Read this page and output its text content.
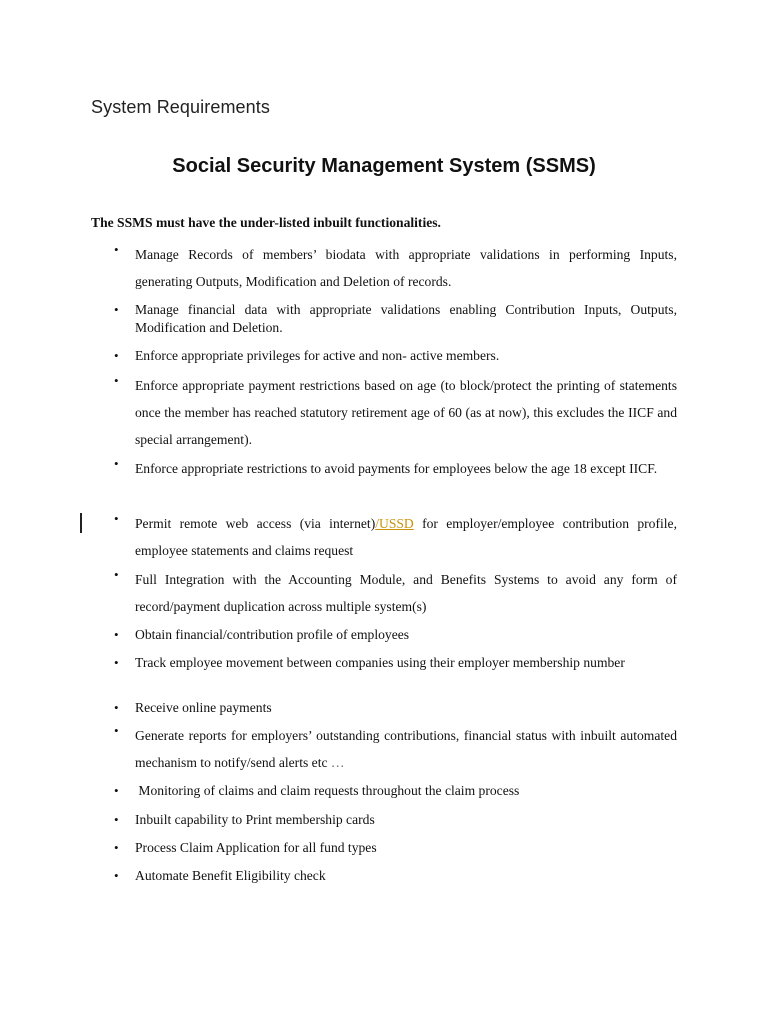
System Requirements
Social Security Management System (SSMS)
The SSMS must have the under-listed inbuilt functionalities.
• Manage Records of members’ biodata with appropriate validations in performing Inputs, generating Outputs, Modification and Deletion of records.

• Manage financial data with appropriate validations enabling Contribution Inputs, Outputs, Modification and Deletion.

• Enforce appropriate privileges for active and non- active members.

• Enforce appropriate payment restrictions based on age (to block/protect the printing of statements once the member has reached statutory retirement age of 60 (as at now), this excludes the IICF and special arrangement).

• Enforce appropriate restrictions to avoid payments for employees below the age 18 except IICF.

• Permit remote web access (via internet)/USSD for employer/employee contribution profile, employee statements and claims request

• Full Integration with the Accounting Module, and Benefits Systems to avoid any form of record/payment duplication across multiple system(s)

• Obtain financial/contribution profile of employees

• Track employee movement between companies using their employer membership number

• Receive online payments

• Generate reports for employers’ outstanding contributions, financial status with inbuilt automated mechanism to notify/send alerts etc …

• Monitoring of claims and claim requests throughout the claim process

• Inbuilt capability to Print membership cards

• Process Claim Application for all fund types

• Automate Benefit Eligibility check
